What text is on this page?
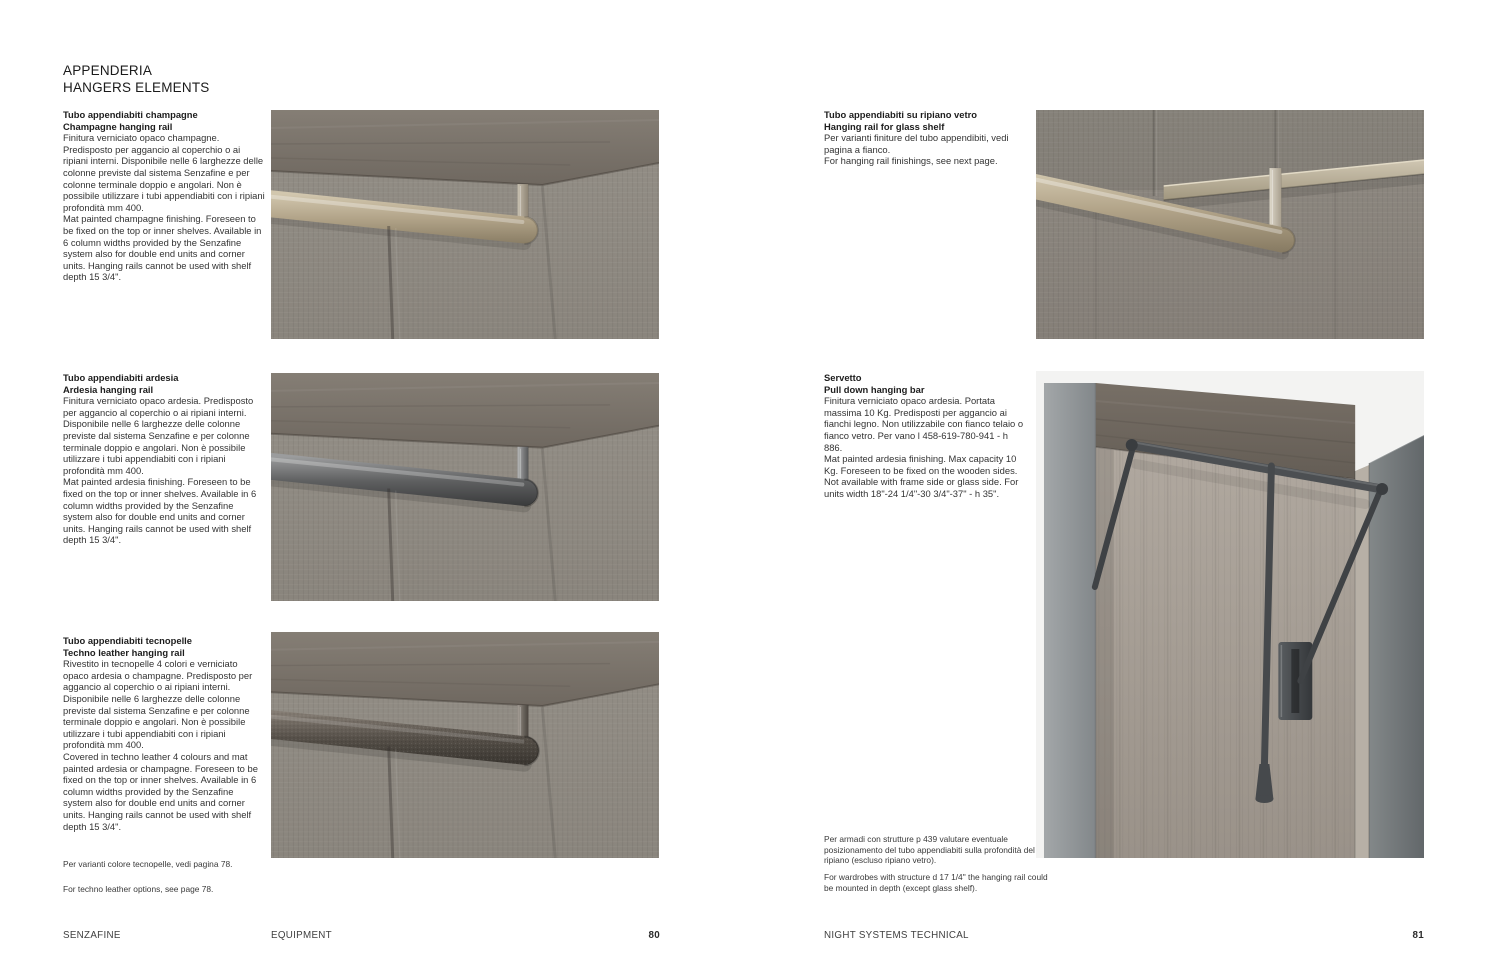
APPENDERIA
HANGERS ELEMENTS
Tubo appendiabiti champagne
Champagne hanging rail

Finitura verniciato opaco champagne. Predisposto per aggancio al coperchio o ai ripiani interni. Disponibile nelle 6 larghezze delle colonne previste dal sistema Senzafine e per colonne terminale doppio e angolari. Non è possibile utilizzare i tubi appendiabiti con i ripiani profondità mm 400.

Mat painted champagne finishing. Foreseen to be fixed on the top or inner shelves. Available in 6 column widths provided by the Senzafine system also for double end units and corner units. Hanging rails cannot be used with shelf depth 15 3/4".

Tubo appendiabiti ardesia
Ardesia hanging rail

Finitura verniciato opaco ardesia. Predisposto per aggancio al coperchio o ai ripiani interni. Disponibile nelle 6 larghezze delle colonne previste dal sistema Senzafine e per colonne terminale doppio e angolari. Non è possibile utilizzare i tubi appendiabiti con i ripiani profondità mm 400.

Mat painted ardesia finishing. Foreseen to be fixed on the top or inner shelves. Available in 6 column widths provided by the Senzafine system also for double end units and corner units. Hanging rails cannot be used with shelf depth 15 3/4".

Tubo appendiabiti tecnopelle
Techno leather hanging rail

Rivestito in tecnopelle 4 colori e verniciato opaco ardesia o champagne. Predisposto per aggancio al coperchio o ai ripiani interni. Disponibile nelle 6 larghezze delle colonne previste dal sistema Senzafine e per colonne terminale doppio e angolari. Non è possibile utilizzare i tubi appendiabiti con i ripiani profondità mm 400.

Covered in techno leather 4 colours and mat painted ardesia or champagne. Foreseen to be fixed on the top or inner shelves. Available in 6 column widths provided by the Senzafine system also for double end units and corner units. Hanging rails cannot be used with shelf depth 15 3/4".

Per varianti colore tecnopelle, vedi pagina 78.
For techno leather options, see page 78.
Tubo appendiabiti su ripiano vetro
Hanging rail for glass shelf

Per varianti finiture del tubo appendibiti, vedi pagina a fianco.

For hanging rail finishings, see next page.

Servetto
Pull down hanging bar

Finitura verniciato opaco ardesia. Portata massima 10 Kg. Predisposti per aggancio ai fianchi legno. Non utilizzabile con fianco telaio o fianco vetro. Per vano l 458-619-780-941 - h 886.

Mat painted ardesia finishing. Max capacity 10 Kg. Foreseen to be fixed on the wooden sides. Not available with frame side or glass side. For units width 18"-24 1/4"-30 3/4"-37" - h 35".

Per armadi con strutture p 439 valutare eventuale posizionamento del tubo appendiabiti sulla profondità del ripiano (escluso ripiano vetro).
For wardrobes with structure d 17 1/4" the hanging rail could be mounted in depth (except glass shelf).
SENZAFINE	EQUIPMENT	80	NIGHT SYSTEMS TECHNICAL	81
